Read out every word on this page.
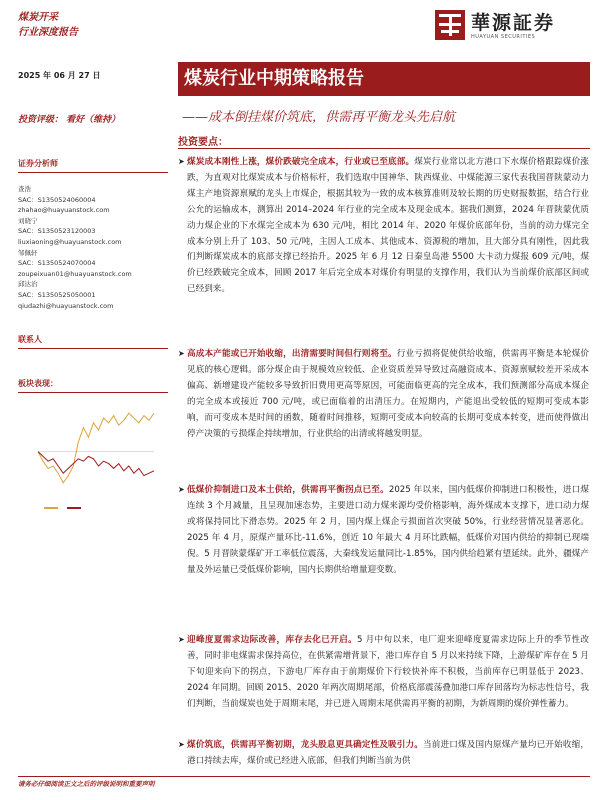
煤炭开采
行业深度报告	華源証券
HUAYUAN SECURITIES
2025 年 06 月 27 日	煤炭行业中期策略报告
投资评级： 看好（维持）	——成本倒挂煤价筑底，供需再平衡龙头先启航
投资要点：
证券分析师
查浩
SAC：S1350524060004
zhahao@huayuanstock.com
刘晓宁
SAC：S1350523120003
liuxiaoning@huayuanstock.com
邹佩轩
SAC：S1350524070004
zoupeixuan01@huayuanstock.com
邱达治
SAC：S1350525050001
qiudazhi@huayuanstock.com
联系人
板块表现：

➤ 煤炭成本刚性上涨，煤价跌破完全成本，行业或已至底部。煤炭行业常以北方港口下水煤价格跟踪煤价涨跌，为直观对比煤炭成本与价格标杆，我们选取中国神华、陕西煤业、中煤能源三家代表我国晋陕蒙动力煤主产地资源禀赋的龙头上市煤企，根据其较为一致的成本核算准则及较长期的历史财报数据，结合行业公允的运输成本，测算出 2014–2024 年行业的完全成本及现金成本。据我们测算，2024 年晋陕蒙优质动力煤企业的下水煤完全成本为 630 元/吨，相比 2014 年、2020 年煤价底部年份，当前的动力煤完全成本分别上升了 103、50 元/吨，主因人工成本、其他成本、资源税的增加，且大部分具有刚性，因此我们判断煤炭成本的底部支撑已经抬升。2025 年 6 月 12 日秦皇岛港 5500 大卡动力煤报 609 元/吨，煤价已经跌破完全成本，回顾 2017 年后完全成本对煤价有明显的支撑作用，我们认为当前煤价底部区间或已经到来。
➤ 高成本产能或已开始收缩，出清需要时间但行则将至。行业亏损将促使供给收缩，供需再平衡是本轮煤价见底的核心逻辑。部分煤企由于规模效应较低、企业资质差异导致过高融资成本、资源禀赋较差开采成本偏高、新增建设产能较多导致折旧费用更高等原因，可能面临更高的完全成本，我们预测部分高成本煤企的完全成本或接近 700 元/吨，或已面临着的出清压力。在短期内，产能退出受较低的短期可变成本影响，而可变成本是时间的函数，随着时间推移，短期可变成本向较高的长期可变成本转变，进而使得做出停产决策的亏损煤企持续增加，行业供给的出清或将越发明显。
➤ 低煤价抑制进口及本土供给，供需再平衡拐点已至。2025 年以来，国内低煤价抑制进口积极性，进口煤连续 3 个月减量，且呈现加速态势，主要进口动力煤来源均受价格影响，海外煤成本支撑下，进口动力煤或将保持同比下滑态势。2025 年 2 月，国内煤上煤企亏损面首次突破 50%，行业经营情况显著恶化。2025 年 4 月，原煤产量环比-11.6%，创近 10 年最大 4 月环比跌幅，低煤价对国内供给的抑制已现端倪。5 月晋陕蒙煤矿开工率低位震荡，大秦线发运量同比-1.85%，国内供给趋紧有望延续。此外，疆煤产量及外运量已受低煤价影响，国内长期供给增量迎变数。
➤ 迎峰度夏需求边际改善，库存去化已开启。5 月中旬以来，电厂迎来迎峰度夏需求边际上升的季节性改善，同时非电煤需求保持高位，在供紧需增背景下，港口库存自 5 月以来持续下降，上游煤矿库存在 5 月下旬迎来向下的拐点，下游电厂库存由于前期煤价下行较快补库不积极，当前库存已明显低于 2023、2024 年同期。回顾 2015、2020 年两次周期尾部，价格底部震荡叠加港口库存回落均为标志性信号，我们判断，当前煤炭也处于周期末尾，并已进入周期末尾供需再平衡的初期，为新周期的煤价弹性蓄力。
➤ 煤价筑底，供需再平衡初期，龙头股息更具确定性及吸引力。当前进口煤及国内原煤产量均已开始收缩，港口持续去库，煤价或已经进入底部，但我们判断当前为供
请务必仔细阅读正文之后的评级说明和重要声明
